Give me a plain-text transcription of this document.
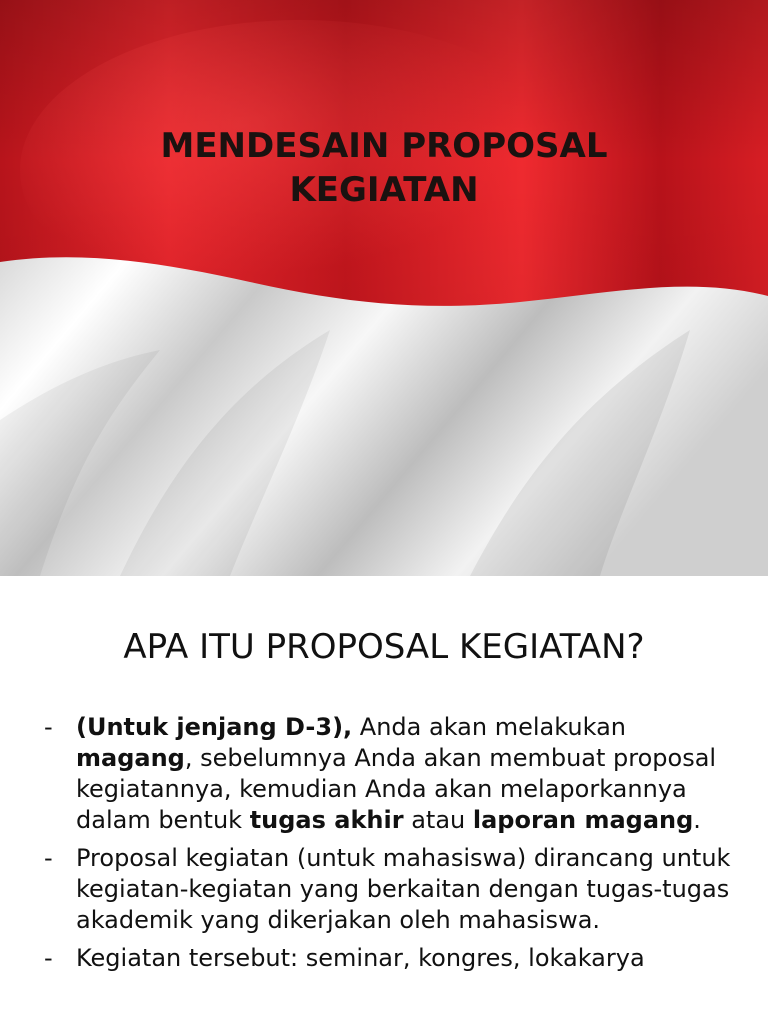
MENDESAIN PROPOSAL
KEGIATAN
APA ITU PROPOSAL KEGIATAN?
- (Untuk jenjang D-3), Anda akan melakukan magang, sebelumnya Anda akan membuat proposal kegiatannya, kemudian Anda akan melaporkannya dalam bentuk tugas akhir atau laporan magang.
- Proposal kegiatan (untuk mahasiswa) dirancang untuk kegiatan-kegiatan yang berkaitan dengan tugas-tugas akademik yang dikerjakan oleh mahasiswa.
- Kegiatan tersebut: seminar, kongres, lokakarya
